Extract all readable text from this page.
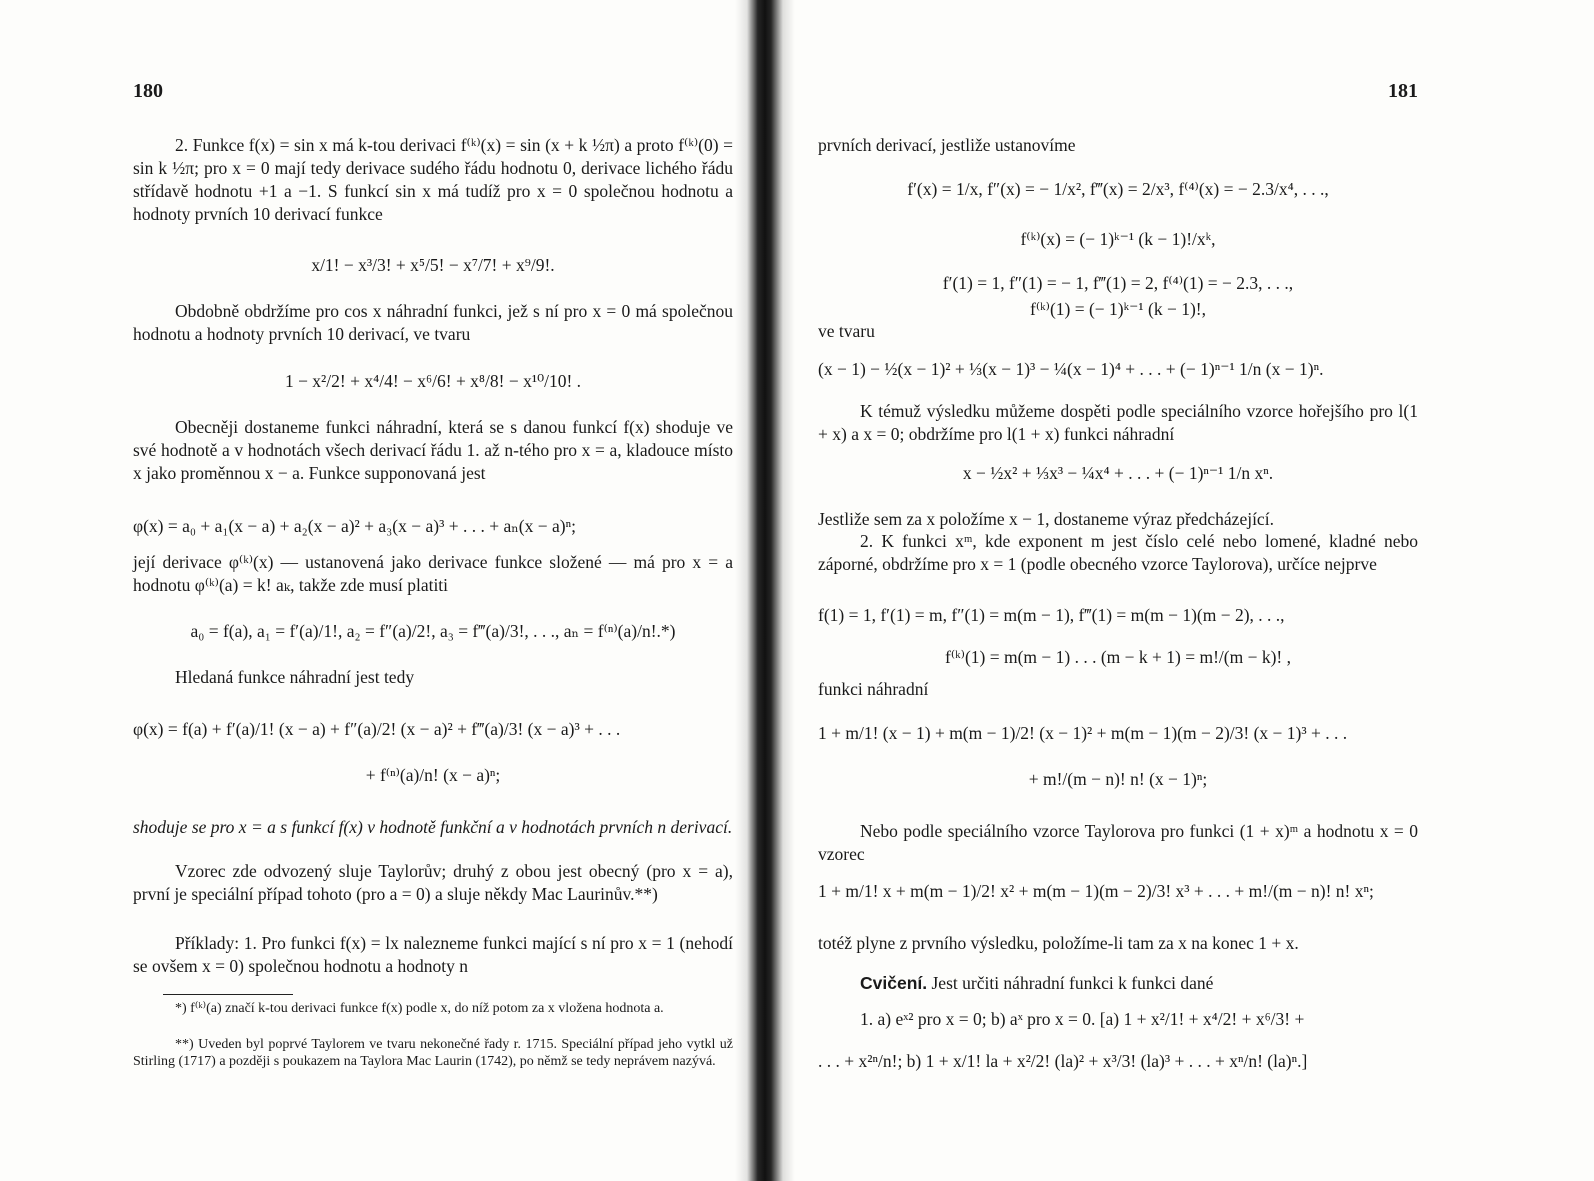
180
2. Funkce f(x) = sin x má k-tou derivaci f⁽ᵏ⁾(x) = sin (x + k ½π) a proto f⁽ᵏ⁾(0) = sin k ½π; pro x = 0 mají tedy derivace sudého řádu hodnotu 0, derivace lichého řádu střídavě hodnotu +1 a −1. S funkcí sin x má tudíž pro x = 0 společnou hodnotu a hodnoty prvních 10 derivací funkce
x/1! − x³/3! + x⁵/5! − x⁷/7! + x⁹/9!.
Obdobně obdržíme pro cos x náhradní funkci, jež s ní pro x = 0 má společnou hodnotu a hodnoty prvních 10 derivací, ve tvaru
1 − x²/2! + x⁴/4! − x⁶/6! + x⁸/8! − x¹⁰/10! .
Obecněji dostaneme funkci náhradní, která se s danou funkcí f(x) shoduje ve své hodnotě a v hodnotách všech derivací řádu 1. až n-tého pro x = a, kladouce místo x jako proměnnou x − a. Funkce supponovaná jest
φ(x) = a₀ + a₁(x − a) + a₂(x − a)² + a₃(x − a)³ + . . . + aₙ(x − a)ⁿ;
její derivace φ⁽ᵏ⁾(x) — ustanovená jako derivace funkce složené — má pro x = a hodnotu φ⁽ᵏ⁾(a) = k! aₖ, takže zde musí platiti
a₀ = f(a), a₁ = f′(a)/1!, a₂ = f″(a)/2!, a₃ = f‴(a)/3!, . . ., aₙ = f⁽ⁿ⁾(a)/n!.*)
Hledaná funkce náhradní jest tedy
φ(x) = f(a) + f′(a)/1! (x − a) + f″(a)/2! (x − a)² + f‴(a)/3! (x − a)³ + . . .
+ f⁽ⁿ⁾(a)/n! (x − a)ⁿ;
shoduje se pro x = a s funkcí f(x) v hodnotě funkční a v hodnotách prvních n derivací.
Vzorec zde odvozený sluje Taylorův; druhý z obou jest obecný (pro x = a), první je speciální případ tohoto (pro a = 0) a sluje někdy Mac Laurinův.**)
Příklady: 1. Pro funkci f(x) = lx nalezneme funkci mající s ní pro x = 1 (nehodí se ovšem x = 0) společnou hodnotu a hodnoty n
*) f⁽ᵏ⁾(a) značí k-tou derivaci funkce f(x) podle x, do níž potom za x vložena hodnota a.
**) Uveden byl poprvé Taylorem ve tvaru nekonečné řady r. 1715. Speciální případ jeho vytkl už Stirling (1717) a později s poukazem na Taylora Mac Laurin (1742), po němž se tedy neprávem nazývá.
181
prvních derivací, jestliže ustanovíme
f′(x) = 1/x, f″(x) = − 1/x², f‴(x) = 2/x³, f⁽⁴⁾(x) = − 2.3/x⁴, . . .,
f⁽ᵏ⁾(x) = (− 1)ᵏ⁻¹ (k − 1)!/xᵏ,
f′(1) = 1, f″(1) = − 1, f‴(1) = 2, f⁽⁴⁾(1) = − 2.3, . . .,
f⁽ᵏ⁾(1) = (− 1)ᵏ⁻¹ (k − 1)!,
ve tvaru
(x − 1) − ½(x − 1)² + ⅓(x − 1)³ − ¼(x − 1)⁴ + . . . + (− 1)ⁿ⁻¹ 1/n (x − 1)ⁿ.
K témuž výsledku můžeme dospěti podle speciálního vzorce hořejšího pro l(1 + x) a x = 0; obdržíme pro l(1 + x) funkci náhradní
x − ½x² + ⅓x³ − ¼x⁴ + . . . + (− 1)ⁿ⁻¹ 1/n xⁿ.
Jestliže sem za x položíme x − 1, dostaneme výraz předcházející.
2. K funkci xᵐ, kde exponent m jest číslo celé nebo lomené, kladné nebo záporné, obdržíme pro x = 1 (podle obecného vzorce Taylorova), určíce nejprve
f(1) = 1, f′(1) = m, f″(1) = m(m − 1), f‴(1) = m(m − 1)(m − 2), . . .,
f⁽ᵏ⁾(1) = m(m − 1) . . . (m − k + 1) = m!/(m − k)! ,
funkci náhradní
1 + m/1! (x − 1) + m(m − 1)/2! (x − 1)² + m(m − 1)(m − 2)/3! (x − 1)³ + . . .
+ m!/(m − n)! n! (x − 1)ⁿ;
Nebo podle speciálního vzorce Taylorova pro funkci (1 + x)ᵐ a hodnotu x = 0 vzorec
1 + m/1! x + m(m − 1)/2! x² + m(m − 1)(m − 2)/3! x³ + . . . + m!/(m − n)! n! xⁿ;
totéž plyne z prvního výsledku, položíme-li tam za x na konec 1 + x.
Cvičení. Jest určiti náhradní funkci k funkci dané
1. a) eˣ² pro x = 0; b) aˣ pro x = 0. [a) 1 + x²/1! + x⁴/2! + x⁶/3! +
. . . + x²ⁿ/n!; b) 1 + x/1! la + x²/2! (la)² + x³/3! (la)³ + . . . + xⁿ/n! (la)ⁿ.]
